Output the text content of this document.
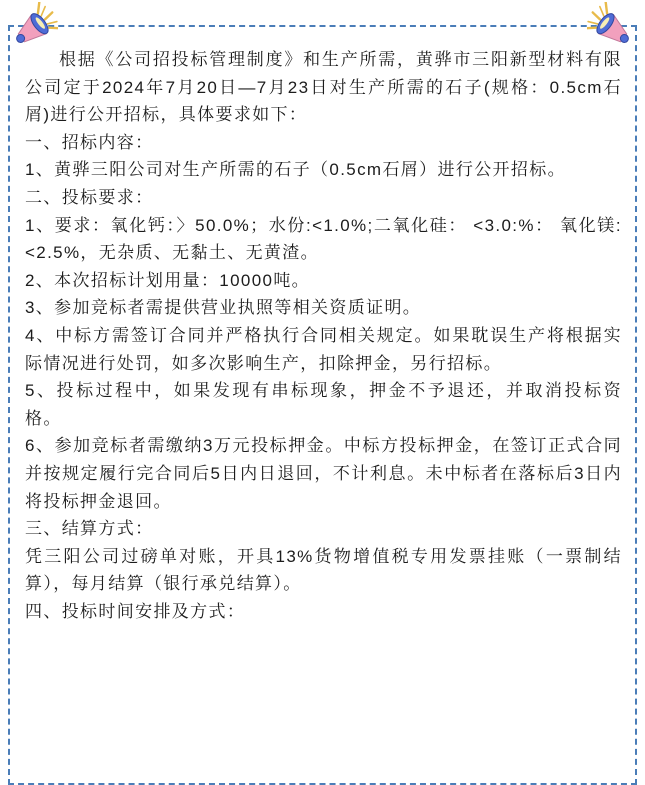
根据《公司招投标管理制度》和生产所需，黄骅市三阳新型材料有限公司定于2024年7月20日—7月23日对生产所需的石子(规格：0.5cm石屑)进行公开招标，具体要求如下：

一、招标内容：

1、黄骅三阳公司对生产所需的石子（0.5cm石屑）进行公开招标。

二、投标要求：

1、要求：氧化钙：〉50.0%；水份:<1.0%;二氧化硅： <3.0:%： 氧化镁: <2.5%，无杂质、无黏土、无黄渣。

2、本次招标计划用量：10000吨。

3、参加竞标者需提供营业执照等相关资质证明。

4、中标方需签订合同并严格执行合同相关规定。如果耽误生产将根据实际情况进行处罚，如多次影响生产，扣除押金，另行招标。

5、投标过程中，如果发现有串标现象，押金不予退还，并取消投标资格。

6、参加竞标者需缴纳3万元投标押金。中标方投标押金，在签订正式合同并按规定履行完合同后5日内日退回，不计利息。未中标者在落标后3日内将投标押金退回。

三、结算方式：

凭三阳公司过磅单对账，开具13%货物增值税专用发票挂账（一票制结算），每月结算（银行承兑结算）。

四、投标时间安排及方式：
